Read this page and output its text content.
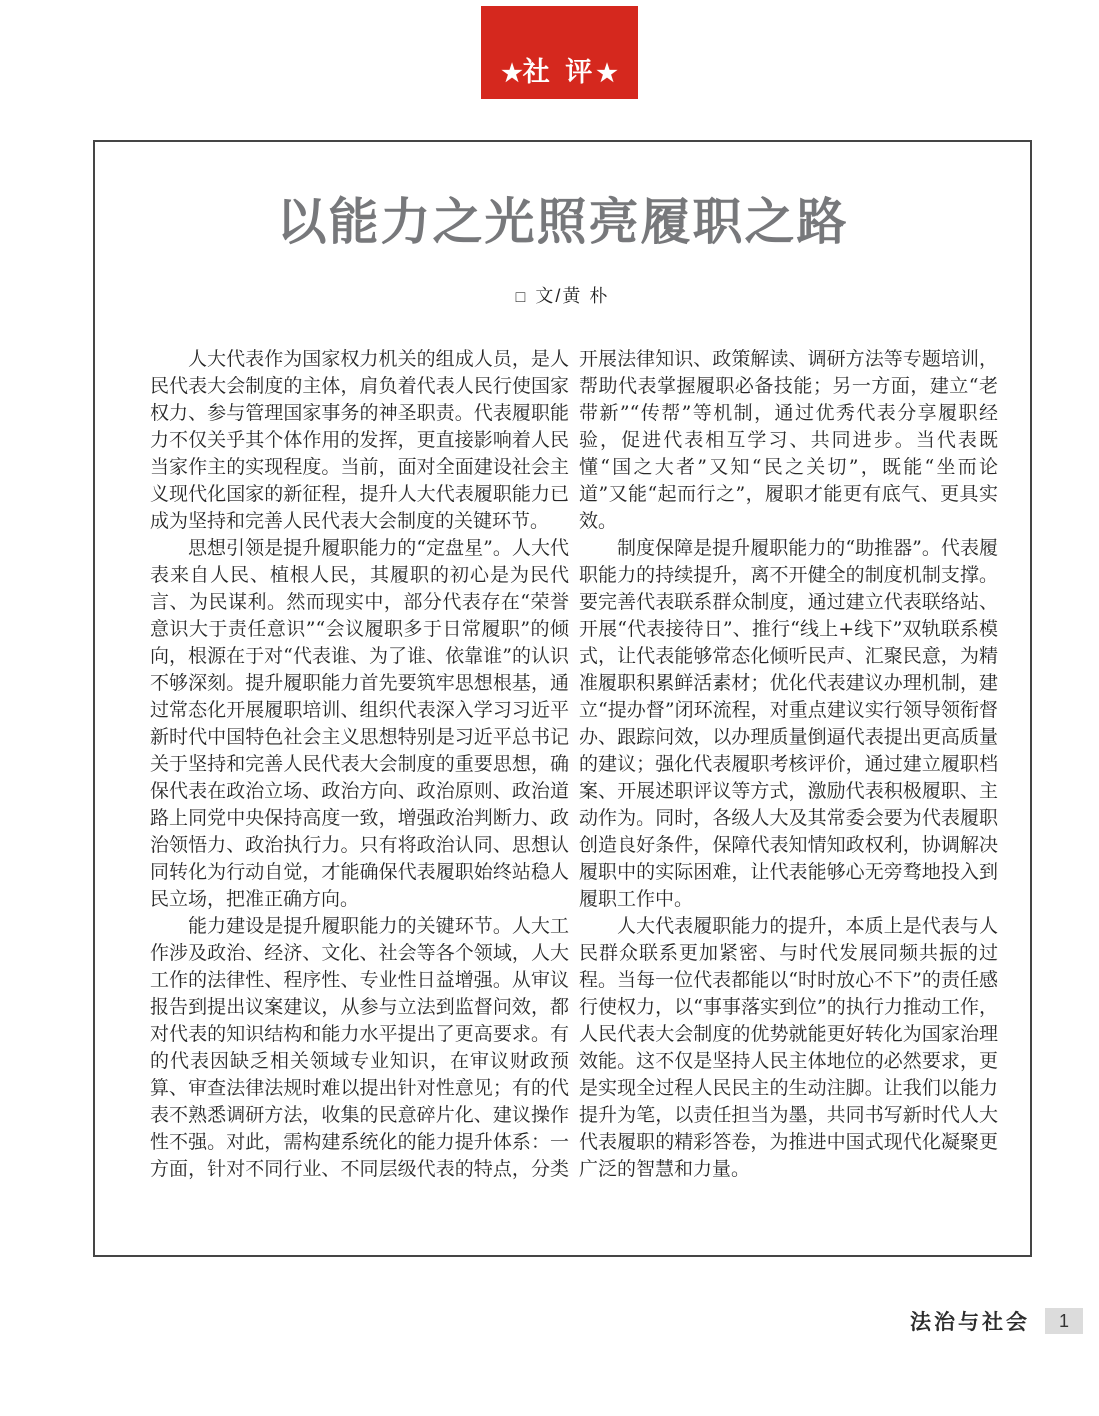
★社 评★
以能力之光照亮履职之路
□ 文/黄 朴

人大代表作为国家权力机关的组成人员，是人民代表大会制度的主体，肩负着代表人民行使国家权力、参与管理国家事务的神圣职责。代表履职能力不仅关乎其个体作用的发挥，更直接影响着人民当家作主的实现程度。当前，面对全面建设社会主义现代化国家的新征程，提升人大代表履职能力已成为坚持和完善人民代表大会制度的关键环节。

思想引领是提升履职能力的“定盘星”。人大代表来自人民、植根人民，其履职的初心是为民代言、为民谋利。然而现实中，部分代表存在“荣誉意识大于责任意识”“会议履职多于日常履职”的倾向，根源在于对“代表谁、为了谁、依靠谁”的认识不够深刻。提升履职能力首先要筑牢思想根基，通过常态化开展履职培训、组织代表深入学习习近平新时代中国特色社会主义思想特别是习近平总书记关于坚持和完善人民代表大会制度的重要思想，确保代表在政治立场、政治方向、政治原则、政治道路上同党中央保持高度一致，增强政治判断力、政治领悟力、政治执行力。只有将政治认同、思想认同转化为行动自觉，才能确保代表履职始终站稳人民立场，把准正确方向。

能力建设是提升履职能力的关键环节。人大工作涉及政治、经济、文化、社会等各个领域，人大工作的法律性、程序性、专业性日益增强。从审议报告到提出议案建议，从参与立法到监督问效，都对代表的知识结构和能力水平提出了更高要求。有的代表因缺乏相关领域专业知识，在审议财政预算、审查法律法规时难以提出针对性意见；有的代表不熟悉调研方法，收集的民意碎片化、建议操作性不强。对此，需构建系统化的能力提升体系：一方面，针对不同行业、不同层级代表的特点，分类开展法律知识、政策解读、调研方法等专题培训，帮助代表掌握履职必备技能；另一方面，建立“老带新”“传帮”等机制，通过优秀代表分享履职经验，促进代表相互学习、共同进步。当代表既懂“国之大者”又知“民之关切”，既能“坐而论道”又能“起而行之”，履职才能更有底气、更具实效。

制度保障是提升履职能力的“助推器”。代表履职能力的持续提升，离不开健全的制度机制支撑。要完善代表联系群众制度，通过建立代表联络站、开展“代表接待日”、推行“线上+线下”双轨联系模式，让代表能够常态化倾听民声、汇聚民意，为精准履职积累鲜活素材；优化代表建议办理机制，建立“提办督”闭环流程，对重点建议实行领导领衔督办、跟踪问效，以办理质量倒逼代表提出更高质量的建议；强化代表履职考核评价，通过建立履职档案、开展述职评议等方式，激励代表积极履职、主动作为。同时，各级人大及其常委会要为代表履职创造良好条件，保障代表知情知政权利，协调解决履职中的实际困难，让代表能够心无旁骛地投入到履职工作中。

人大代表履职能力的提升，本质上是代表与人民群众联系更加紧密、与时代发展同频共振的过程。当每一位代表都能以“时时放心不下”的责任感行使权力，以“事事落实到位”的执行力推动工作，人民代表大会制度的优势就能更好转化为国家治理效能。这不仅是坚持人民主体地位的必然要求，更是实现全过程人民民主的生动注脚。让我们以能力提升为笔，以责任担当为墨，共同书写新时代人大代表履职的精彩答卷，为推进中国式现代化凝聚更广泛的智慧和力量。

法治与社会	1
